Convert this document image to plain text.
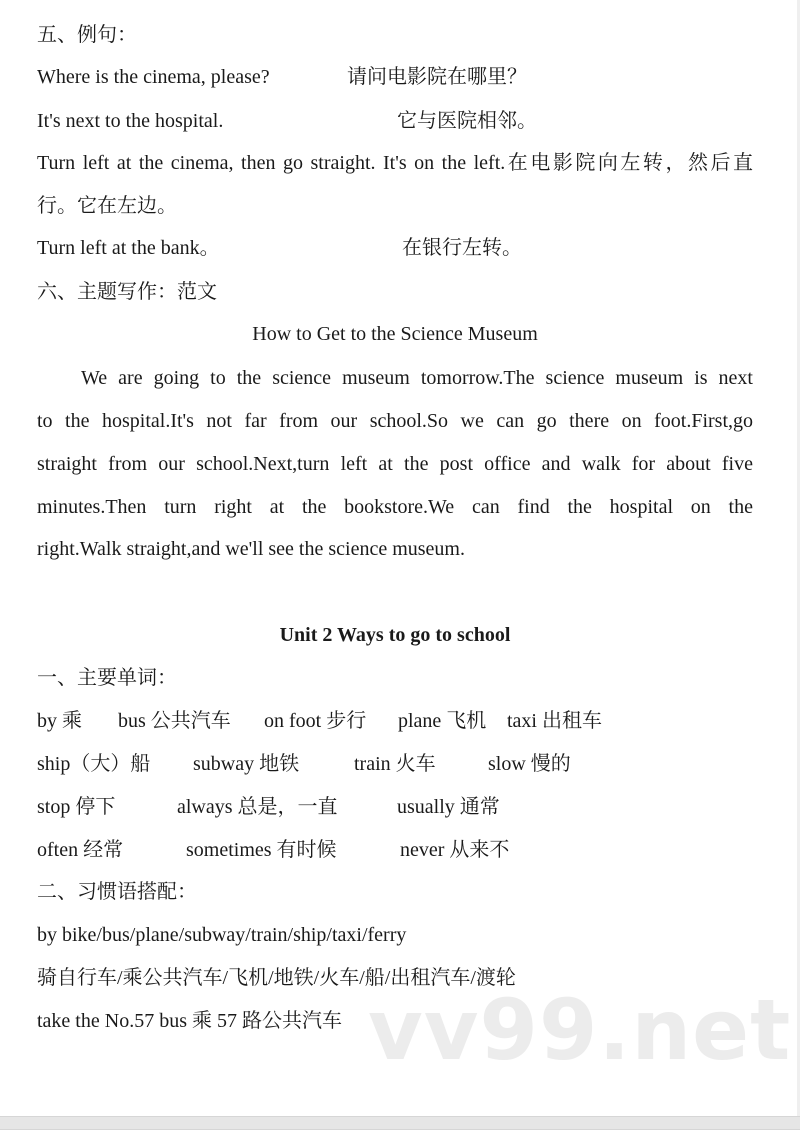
五、例句：
Where is the cinema, please?	请问电影院在哪里？
It's next to the hospital.	它与医院相邻。
Turn left at the cinema, then go straight. It's on the left.在电影院向左转，然后直
行。它在左边。
Turn left at the bank。	在银行左转。
六、主题写作：范文
How to Get to the Science Museum
We are going to the science museum tomorrow.The science museum is next
to the hospital.It's not far from our school.So we can go there on foot.First,go
straight from our school.Next,turn left at the post office and walk for about five
minutes.Then turn right at the bookstore.We can find the hospital on the
right.Walk straight,and we'll see the science museum.
Unit 2 Ways to go to school
一、主要单词：
by 乘 bus 公共汽车 on foot 步行 plane 飞机 taxi 出租车
ship（大）船 subway 地铁	train 火车	slow 慢的
stop 停下	always 总是，一直	usually 通常
often 经常	sometimes 有时候	never 从来不
二、习惯语搭配：
vv99.net
by bike/bus/plane/subway/train/ship/taxi/ferry
骑自行车/乘公共汽车/飞机/地铁/火车/船/出租汽车/渡轮
take the No.57 bus 乘 57 路公共汽车
